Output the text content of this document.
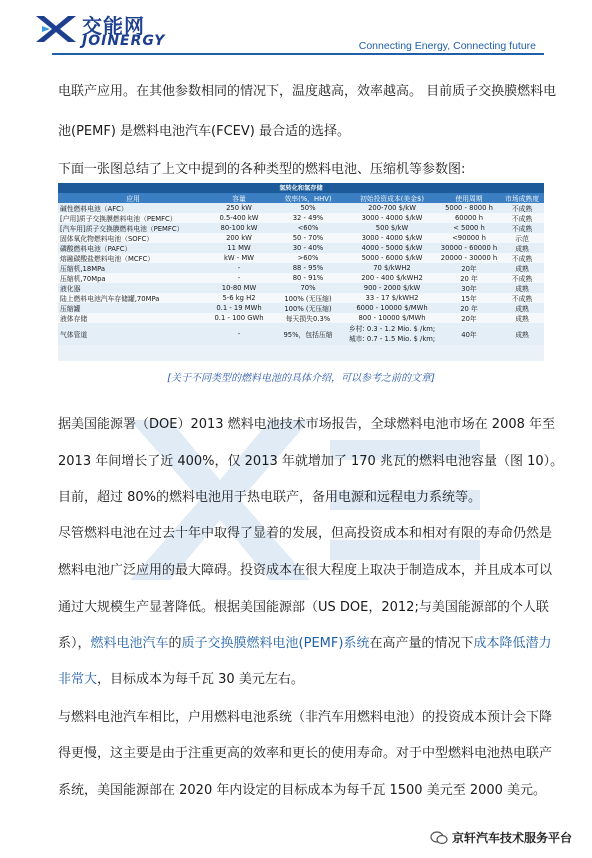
交能网
JOINERGY	Connecting Energy, Connecting future
电联产应用。在其他参数相同的情况下，温度越高，效率越高。 目前质子交换膜燃料电
池(PEMF) 是燃料电池汽车(FCEV) 最合适的选择。
下面一张图总结了上文中提到的各种类型的燃料电池、压缩机等参数图:
氢转化和氢存储					
应用	容量	效率(%，HHV)	初始投资成本(美金$)	使用周期	市场成熟度
碱性燃料电池（AFC）	250 kW	50%	200-700 $/kW	5000 - 8000 h	不成熟
[户用]质子交换膜燃料电池（PEMFC）	0.5-400 kW	32 - 49%	3000 - 4000 $/kW	60000 h	不成熟
[汽车用]质子交换膜燃料电池（PEMFC）	80-100 kW	<60%	500 $/kW	< 5000 h	不成熟
固体氧化物燃料电池（SOFC）	200 kW	50 - 70%	3000 - 4000 $/kW	<90000 h	示范
磷酸燃料电池（PAFC）	11 MW	30 - 40%	4000 - 5000 $/kW	30000 - 60000 h	成熟
熔融碳酸盐燃料电池（MCFC）	kW - MW	>60%	5000 - 6000 $/kW	20000 - 30000 h	不成熟
压缩机,18MPa	-	88 - 95%	70 $/kWH2	20年	成熟
压缩机,70Mpa	-	80 - 91%	200 - 400 $/kWH2	20 年	不成熟
液化器	10-80 MW	70%	900 - 2000 $/kW	30年	成熟
陆上燃料电池汽车存储罐,70MPa	5-6 kg H2	100% (无压缩)	33 - 17 $/kWH2	15年	不成熟
压缩罐	0.1 - 19 MWh	100% (无压缩)	6000 - 10000 $/MWh	20 年	成熟
液体存储	0.1 - 100 GWh	每天损失0.3%	800 - 10000 $/MWh	20年	成熟
气体管道	-	95%，包括压缩	乡村: 0.3 - 1.2 Mio. $ /km;
城市: 0.7 - 1.5 Mio. $ /km;	40年	成熟
[关于不同类型的燃料电池的具体介绍，可以参考之前的文章]
据美国能源署（DOE）2013 燃料电池技术市场报告，全球燃料电池市场在 2008 年至
2013 年间增长了近 400%，仅 2013 年就增加了 170 兆瓦的燃料电池容量（图 10）。
目前，超过 80%的燃料电池用于热电联产，备用电源和远程电力系统等。
尽管燃料电池在过去十年中取得了显着的发展，但高投资成本和相对有限的寿命仍然是
燃料电池广泛应用的最大障碍。投资成本在很大程度上取决于制造成本，并且成本可以
通过大规模生产显著降低。根据美国能源部（US DOE，2012;与美国能源部的个人联
系），燃料电池汽车的质子交换膜燃料电池(PEMF)系统在高产量的情况下成本降低潜力
非常大，目标成本为每千瓦 30 美元左右。
与燃料电池汽车相比，户用燃料电池系统（非汽车用燃料电池）的投资成本预计会下降
得更慢，这主要是由于注重更高的效率和更长的使用寿命。对于中型燃料电池热电联产
系统，美国能源部在 2020 年内设定的目标成本为每千瓦 1500 美元至 2000 美元。
京轩汽车技术服务平台
